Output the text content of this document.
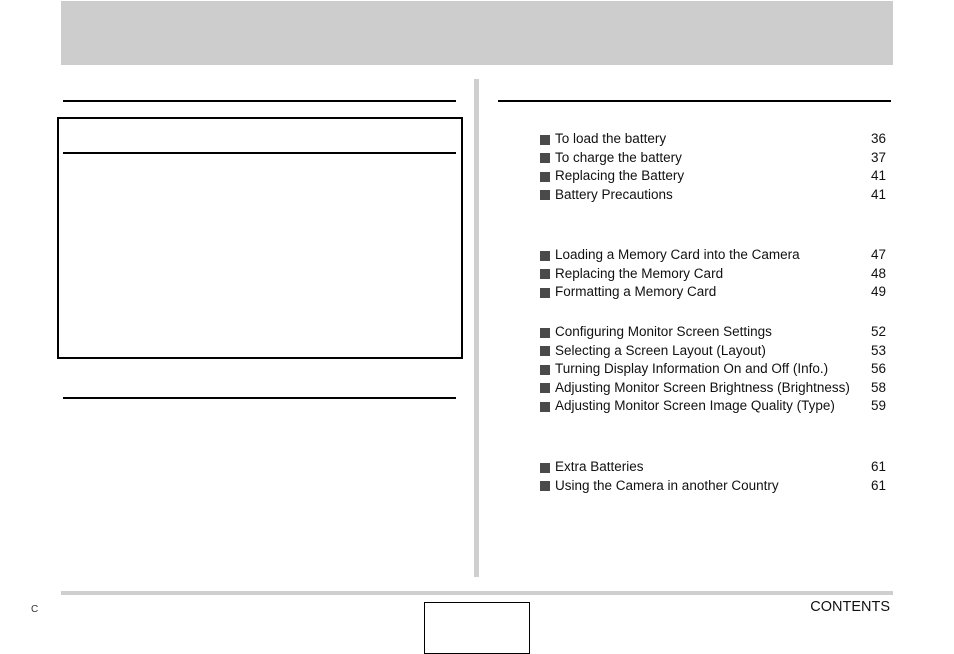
To load the battery	36
To charge the battery	37
Replacing the Battery	41
Battery Precautions	41
Loading a Memory Card into the Camera	47
Replacing the Memory Card	48
Formatting a Memory Card	49
Configuring Monitor Screen Settings	52
Selecting a Screen Layout (Layout)	53
Turning Display Information On and Off (Info.)	56
Adjusting Monitor Screen Brightness (Brightness) 58
Adjusting Monitor Screen Image Quality (Type)	59
Extra Batteries	61
Using the Camera in another Country	61
C	CONTENTS
